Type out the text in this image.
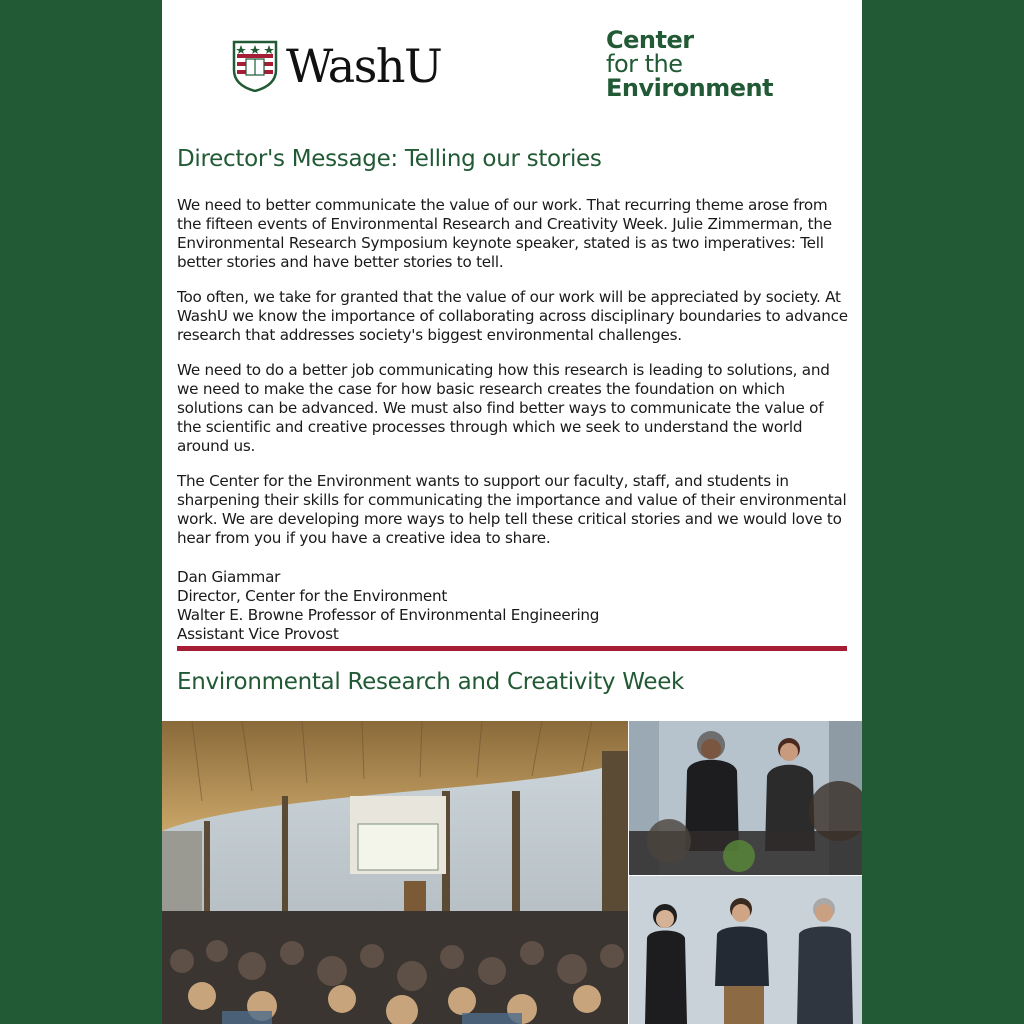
WashU	Center
for the
Environment
Director's Message: Telling our stories

We need to better communicate the value of our work. That recurring theme arose from the fifteen events of Environmental Research and Creativity Week. Julie Zimmerman, the Environmental Research Symposium keynote speaker, stated is as two imperatives: Tell better stories and have better stories to tell.

Too often, we take for granted that the value of our work will be appreciated by society. At WashU we know the importance of collaborating across disciplinary boundaries to advance research that addresses society's biggest environmental challenges.

We need to do a better job communicating how this research is leading to solutions, and we need to make the case for how basic research creates the foundation on which solutions can be advanced. We must also find better ways to communicate the value of the scientific and creative processes through which we seek to understand the world around us.

The Center for the Environment wants to support our faculty, staff, and students in sharpening their skills for communicating the importance and value of their environmental work. We are developing more ways to help tell these critical stories and we would love to hear from you if you have a creative idea to share.

Dan Giammar
Director, Center for the Environment
Walter E. Browne Professor of Environmental Engineering
Assistant Vice Provost
Environmental Research and Creativity Week
